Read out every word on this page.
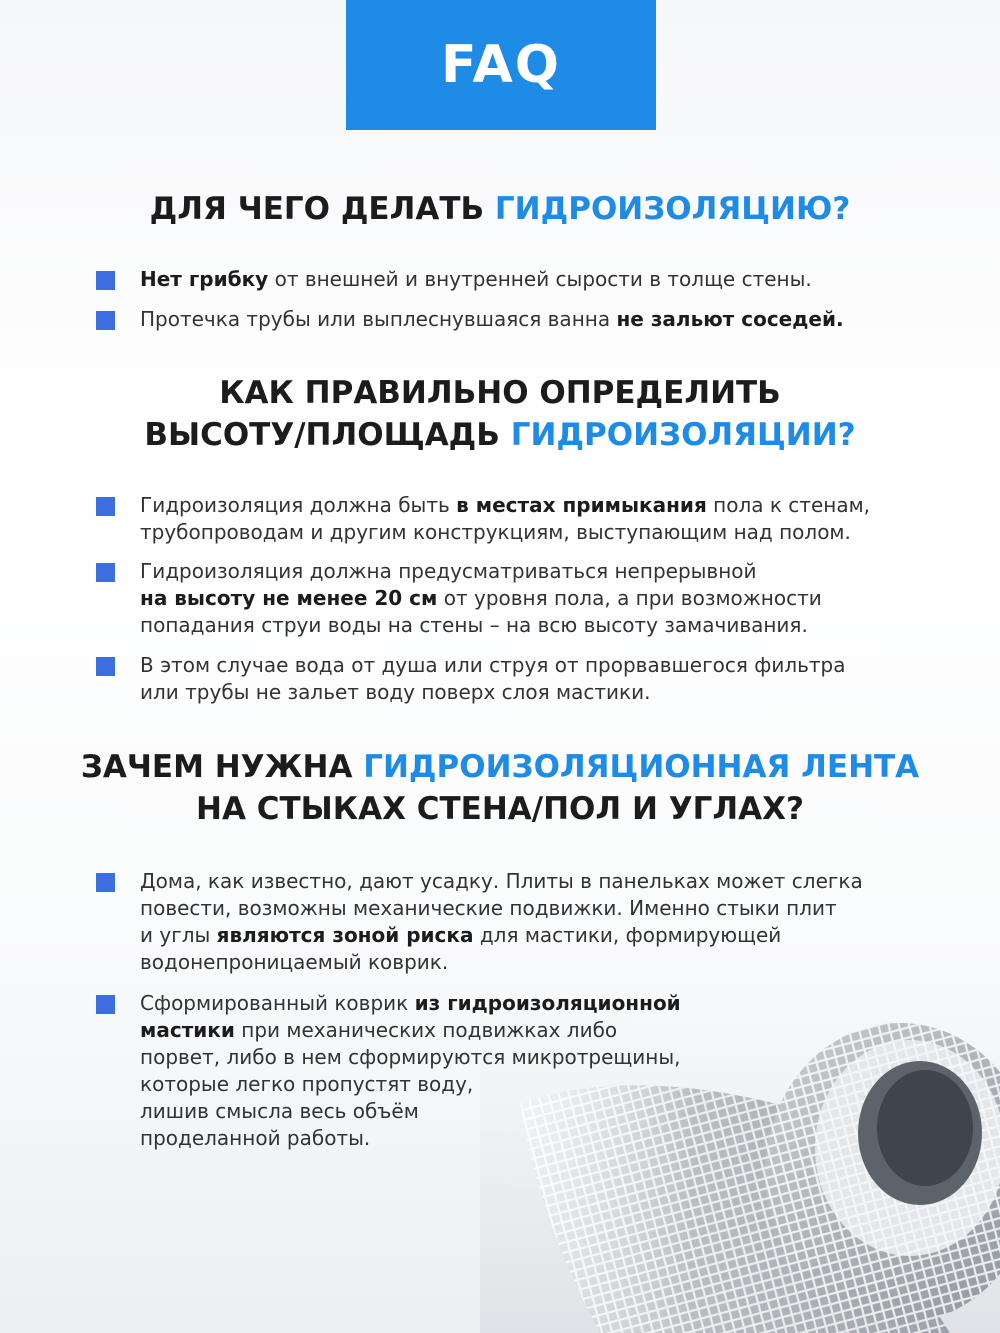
FAQ
ДЛЯ ЧЕГО ДЕЛАТЬ ГИДРОИЗОЛЯЦИЮ?
Нет грибку от внешней и внутренней сырости в толще стены.
Протечка трубы или выплеснувшаяся ванна не зальют соседей.
КАК ПРАВИЛЬНО ОПРЕДЕЛИТЬ
ВЫСОТУ/ПЛОЩАДЬ ГИДРОИЗОЛЯЦИИ?
Гидроизоляция должна быть в местах примыкания пола к стенам,
трубопроводам и другим конструкциям, выступающим над полом.
Гидроизоляция должна предусматриваться непрерывной
на высоту не менее 20 см от уровня пола, а при возможности
попадания струи воды на стены – на всю высоту замачивания.
В этом случае вода от душа или струя от прорвавшегося фильтра
или трубы не зальет воду поверх слоя мастики.
ЗАЧЕМ НУЖНА ГИДРОИЗОЛЯЦИОННАЯ ЛЕНТА
НА СТЫКАХ СТЕНА/ПОЛ И УГЛАХ?
Дома, как известно, дают усадку. Плиты в панельках может слегка
повести, возможны механические подвижки. Именно стыки плит
и углы являются зоной риска для мастики, формирующей
водонепроницаемый коврик.
Сформированный коврик из гидроизоляционной
мастики при механических подвижках либо
порвет, либо в нем сформируются микротрещины,
которые легко пропустят воду,
лишив смысла весь объём
проделанной работы.
